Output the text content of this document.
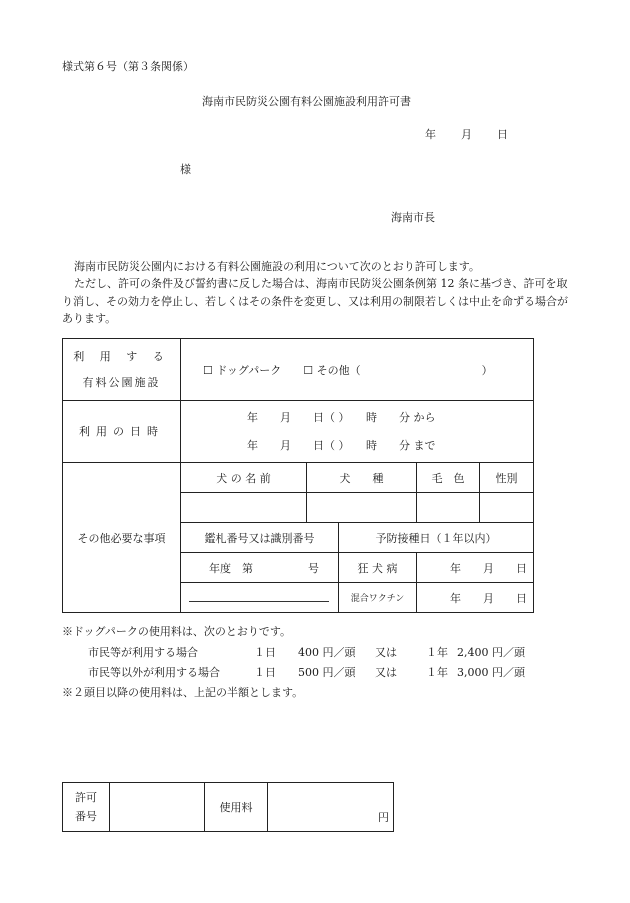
様式第６号（第３条関係）
海南市民防災公園有料公園施設利用許可書
年　　月　　日
様
海南市長
海南市民防災公園内における有料公園施設の利用について次のとおり許可します。
ただし、許可の条件及び誓約書に反した場合は、海南市民防災公園条例第 12 条に基づき、許可を取り消し、その効力を停止し、若しくはその条件を変更し、又は利用の制限若しくは中止を命ずる場合があります。
利 用 す る
有料公園施設	☐ ドッグパーク　　☐ その他（　　　　　　　　　　　）				
利用の日時	年　　月　　日（ ）　　時　　分 から
年　　月　　日（ ）　　時　　分 まで				

その他必要な事項	犬 の 名 前	犬　　種		毛　色	性別

	鑑札番号又は識別番号		予防接種日（１年以内）		
	年度　第　　　　　号		狂 犬 病	年　　月　　日	
			混合ワクチン	年　　月　　日	
※ドッグパークの使用料は、次のとおりです。
市民等が利用する場合	１日 400 円／頭 又は	１年 2,400 円／頭
市民等以外が利用する場合	１日 500 円／頭 又は	１年 3,000 円／頭
※２頭目以降の使用料は、上記の半額とします。
許可
番号
		使用料	円
